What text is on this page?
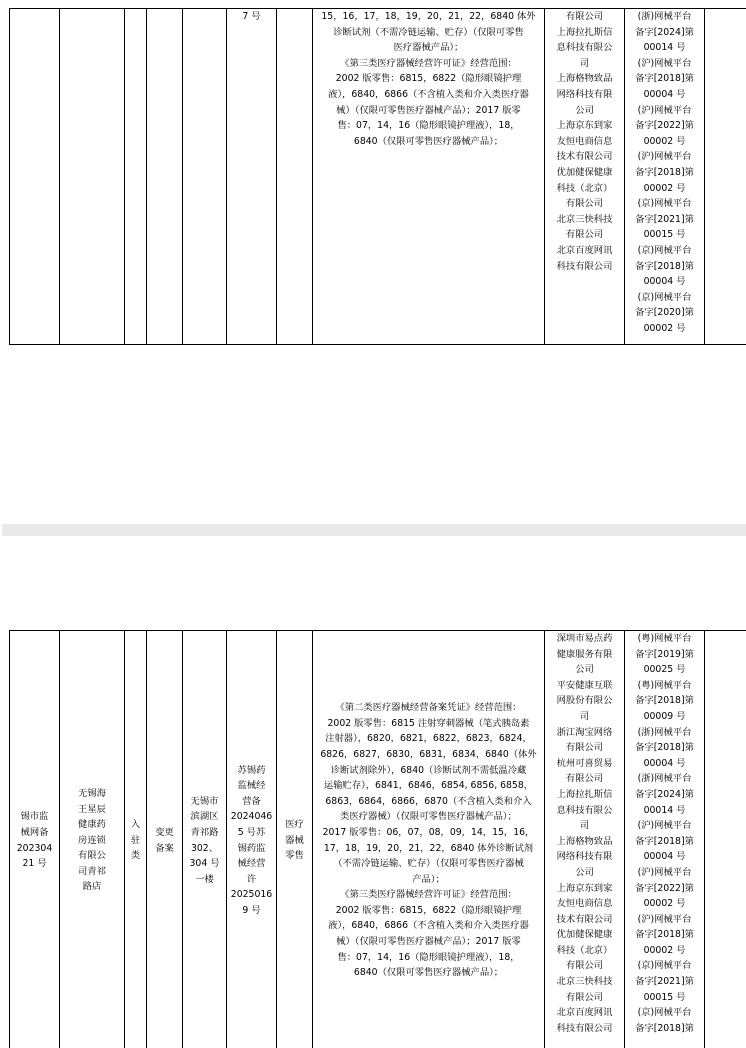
7 号		15，16，17，18，19，20，21，22，6840 体外
诊断试剂（不需冷链运输、贮存）（仅限可零售
医疗器械产品）；
《第三类医疗器械经营许可证》经营范围：
2002 版零售：6815，6822（隐形眼镜护理
液），6840，6866（不含植入类和介入类医疗器
械）（仅限可零售医疗器械产品）；2017 版零
售：07，14，16（隐形眼镜护理液），18，
6840（仅限可零售医疗器械产品）；

有限公司
上海拉扎斯信
息科技有限公
司
上海格物致品
网络科技有限
公司
上海京东到家
友恒电商信息
技术有限公司
优加健保健康
科技（北京）
有限公司
北京三快科技
有限公司
北京百度网讯
科技有限公司

(浙)网械平台
备字[2024]第
00014 号
(沪)网械平台
备字[2018]第
00004 号
(沪)网械平台
备字[2022]第
00002 号
(沪)网械平台
备字[2018]第
00002 号
(京)网械平台
备字[2021]第
00015 号
(京)网械平台
备字[2018]第
00004 号
(京)网械平台
备字[2020]第
00002 号

锡市监
械网备
202304
21 号

无锡海
王星辰
健康药
房连锁
有限公
司青祁
路店

入
驻
类

变更
备案

无锡市
滨湖区
青祁路
302、
304 号
一楼

苏锡药
监械经
营备
2024046
5 号苏
锡药监
械经营
许
2025016
9 号

医疗
器械
零售

《第二类医疗器械经营备案凭证》经营范围：
2002 版零售：6815 注射穿刺器械（笔式胰岛素
注射器），6820，6821，6822，6823，6824，
6826，6827，6830，6831，6834，6840（体外
诊断试剂除外），6840（诊断试剂不需低温冷藏
运输贮存），6841，6846，6854, 6856, 6858，
6863，6864，6866，6870（不含植入类和介入
类医疗器械）（仅限可零售医疗器械产品）；
2017 版零售：06，07，08，09，14，15，16，
17，18，19，20，21，22，6840 体外诊断试剂
（不需冷链运输、贮存）（仅限可零售医疗器械
产品）；
《第三类医疗器械经营许可证》经营范围：
2002 版零售：6815，6822（隐形眼镜护理
液），6840，6866（不含植入类和介入类医疗器
械）（仅限可零售医疗器械产品）；2017 版零
售：07，14，16（隐形眼镜护理液），18，
6840（仅限可零售医疗器械产品）；

深圳市易点药
健康服务有限
公司
平安健康互联
网股份有限公
司
浙江淘宝网络
有限公司
杭州可喜贸易
有限公司
上海拉扎斯信
息科技有限公
司
上海格物致品
网络科技有限
公司
上海京东到家
友恒电商信息
技术有限公司
优加健保健康
科技（北京）
有限公司
北京三快科技
有限公司
北京百度网讯
科技有限公司

(粤)网械平台
备字[2019]第
00025 号
(粤)网械平台
备字[2018]第
00009 号
(浙)网械平台
备字[2018]第
00004 号
(浙)网械平台
备字[2024]第
00014 号
(沪)网械平台
备字[2018]第
00004 号
(沪)网械平台
备字[2022]第
00002 号
(沪)网械平台
备字[2018]第
00002 号
(京)网械平台
备字[2021]第
00015 号
(京)网械平台
备字[2018]第
